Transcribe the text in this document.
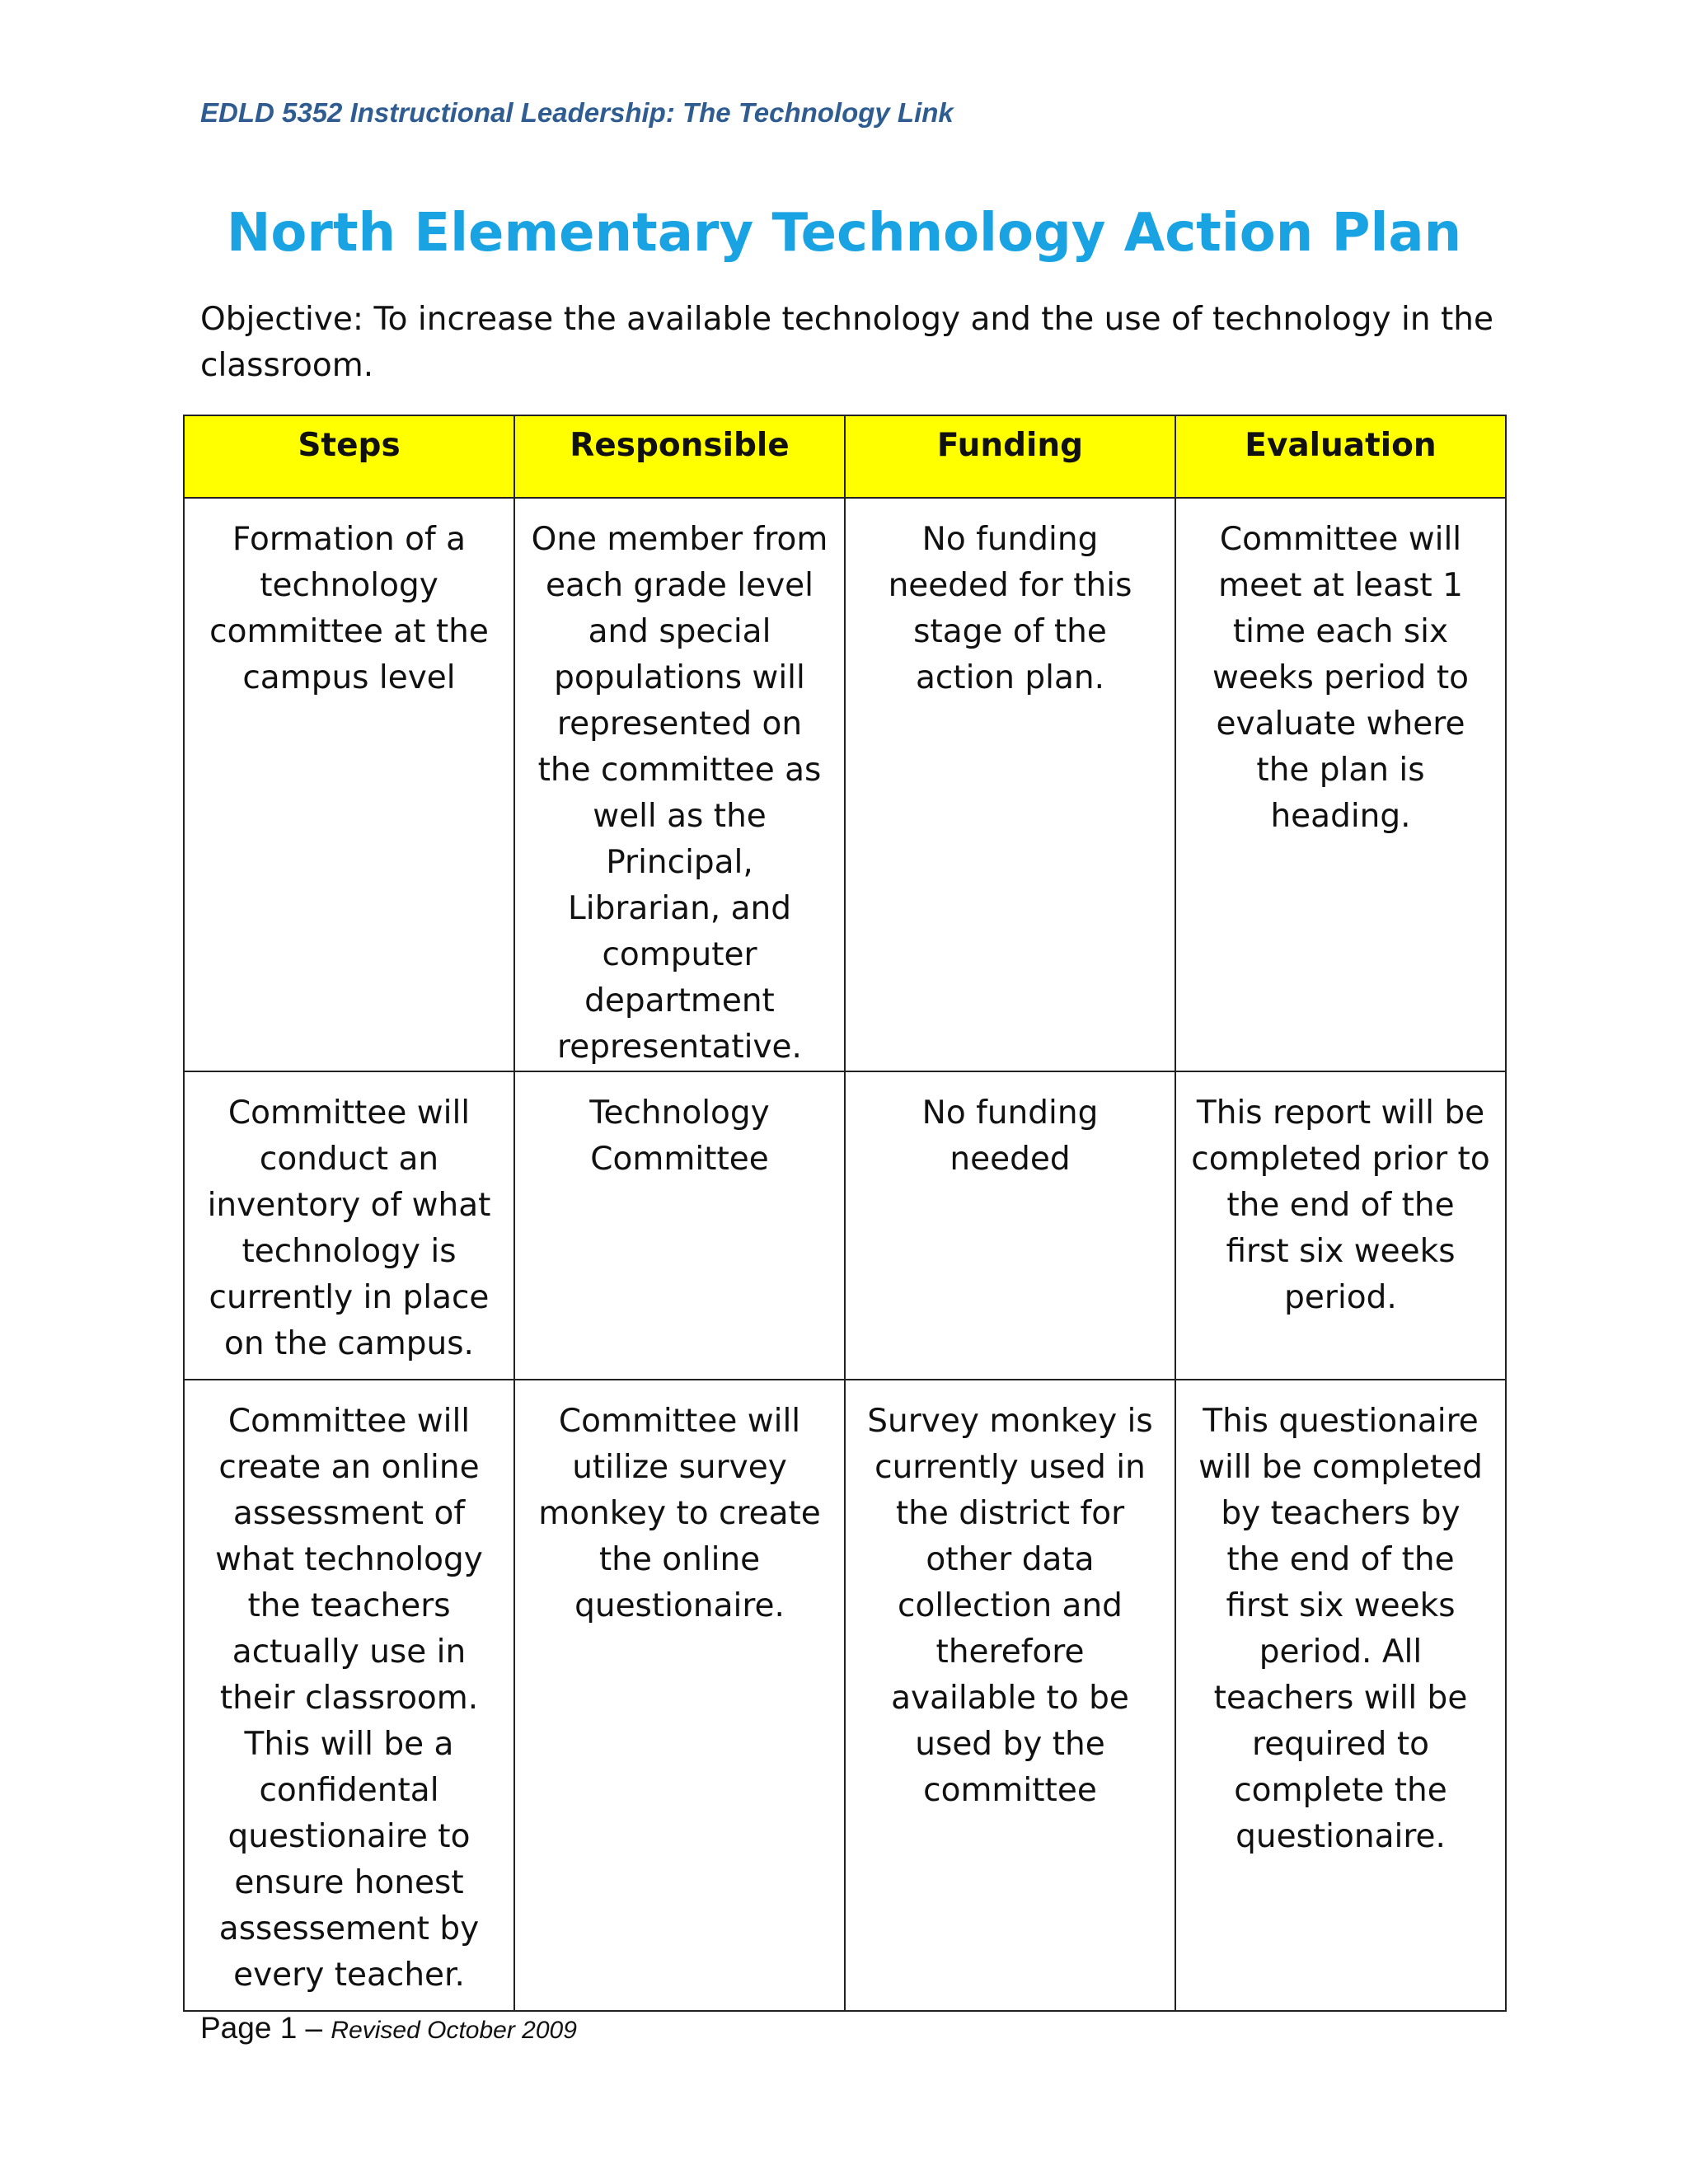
EDLD 5352 Instructional Leadership: The Technology Link
North Elementary Technology Action Plan
Objective: To increase the available technology and the use of technology in the classroom.
Steps	Responsible	Funding	Evaluation
Formation of a technology committee at the campus level	One member from each grade level and special populations will represented on the committee as well as the Principal, Librarian, and computer department representative.	No funding needed for this stage of the action plan.	Committee will meet at least 1 time each six weeks period to evaluate where the plan is heading.
Committee will conduct an inventory of what technology is currently in place on the campus.	Technology Committee	No funding needed	This report will be completed prior to the end of the first six weeks period.
Committee will create an online assessment of what technology the teachers actually use in their classroom. This will be a confidental questionaire to ensure honest assessement by every teacher.	Committee will utilize survey monkey to create the online questionaire.	Survey monkey is currently used in the district for other data collection and therefore available to be used by the committee	This questionaire will be completed by teachers by the end of the first six weeks period. All teachers will be required to complete the questionaire.
Page 1 – Revised October 2009
